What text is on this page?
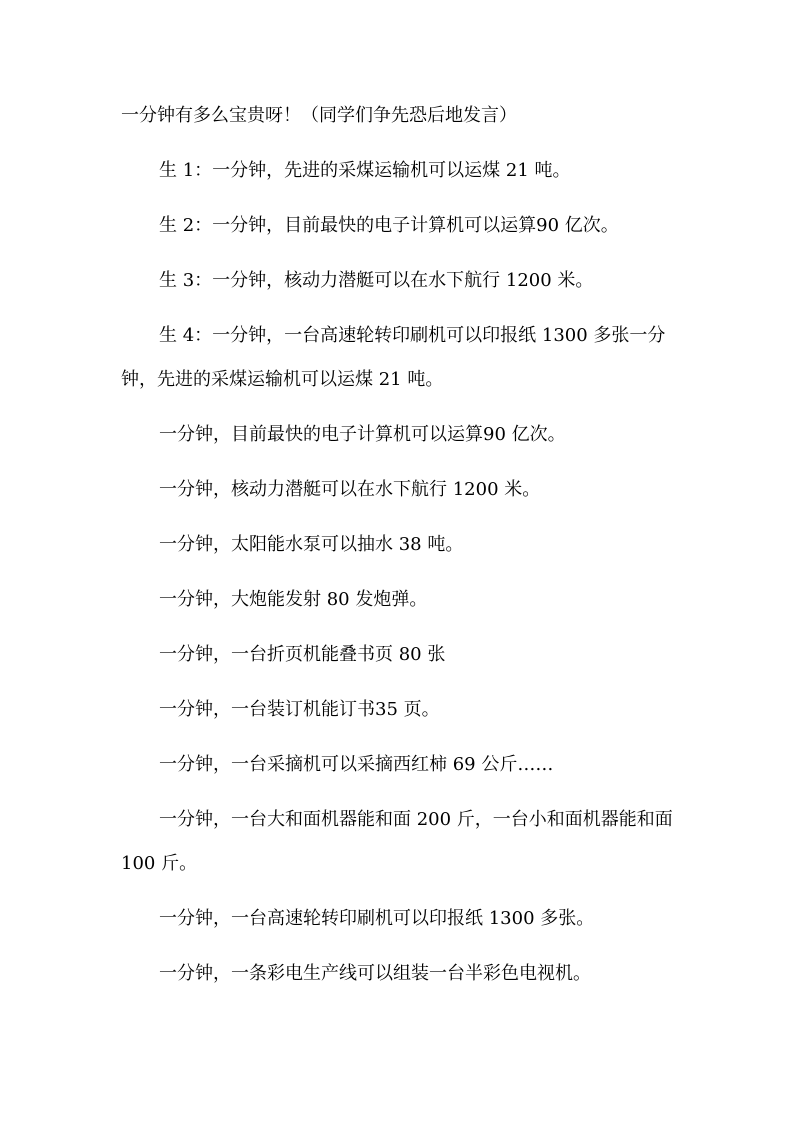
一分钟有多么宝贵呀！（同学们争先恐后地发言）
生 1：一分钟，先进的采煤运输机可以运煤 21 吨。
生 2：一分钟，目前最快的电子计算机可以运算90 亿次。
生 3：一分钟，核动力潜艇可以在水下航行 1200 米。
生 4：一分钟，一台高速轮转印刷机可以印报纸 1300 多张一分
钟，先进的采煤运输机可以运煤 21 吨。
一分钟，目前最快的电子计算机可以运算90 亿次。
一分钟，核动力潜艇可以在水下航行 1200 米。
一分钟，太阳能水泵可以抽水 38 吨。
一分钟，大炮能发射 80 发炮弹。
一分钟，一台折页机能叠书页 80 张
一分钟，一台装订机能订书35 页。
一分钟，一台采摘机可以采摘西红柿 69 公斤……
一分钟，一台大和面机器能和面 200 斤，一台小和面机器能和面
100 斤。
一分钟，一台高速轮转印刷机可以印报纸 1300 多张。
一分钟，一条彩电生产线可以组装一台半彩色电视机。
